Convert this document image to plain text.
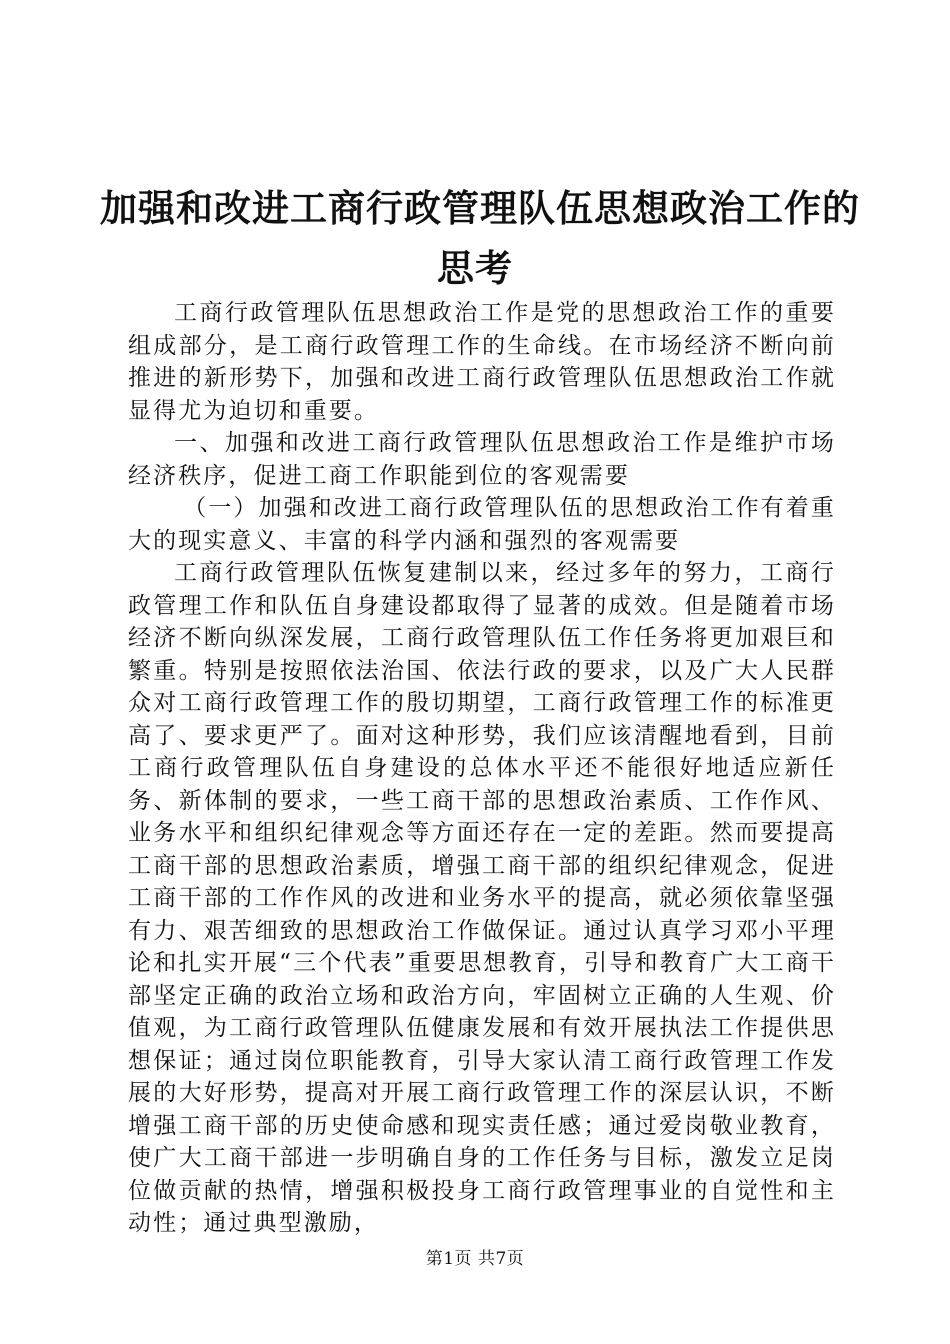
加强和改进工商行政管理队伍思想政治工作的
思考

工商行政管理队伍思想政治工作是党的思想政治工作的重要组成部分，是工商行政管理工作的生命线。在市场经济不断向前推进的新形势下，加强和改进工商行政管理队伍思想政治工作就显得尤为迫切和重要。

一、加强和改进工商行政管理队伍思想政治工作是维护市场经济秩序，促进工商工作职能到位的客观需要

（一）加强和改进工商行政管理队伍的思想政治工作有着重大的现实意义、丰富的科学内涵和强烈的客观需要

工商行政管理队伍恢复建制以来，经过多年的努力，工商行政管理工作和队伍自身建设都取得了显著的成效。但是随着市场经济不断向纵深发展，工商行政管理队伍工作任务将更加艰巨和繁重。特别是按照依法治国、依法行政的要求，以及广大人民群众对工商行政管理工作的殷切期望，工商行政管理工作的标准更高了、要求更严了。面对这种形势，我们应该清醒地看到，目前工商行政管理队伍自身建设的总体水平还不能很好地适应新任务、新体制的要求，一些工商干部的思想政治素质、工作作风、业务水平和组织纪律观念等方面还存在一定的差距。然而要提高工商干部的思想政治素质，增强工商干部的组织纪律观念，促进工商干部的工作作风的改进和业务水平的提高，就必须依靠坚强有力、艰苦细致的思想政治工作做保证。通过认真学习邓小平理论和扎实开展“三个代表”重要思想教育，引导和教育广大工商干部坚定正确的政治立场和政治方向，牢固树立正确的人生观、价值观，为工商行政管理队伍健康发展和有效开展执法工作提供思想保证；通过岗位职能教育，引导大家认清工商行政管理工作发展的大好形势，提高对开展工商行政管理工作的深层认识，不断增强工商干部的历史使命感和现实责任感；通过爱岗敬业教育，使广大工商干部进一步明确自身的工作任务与目标，激发立足岗位做贡献的热情，增强积极投身工商行政管理事业的自觉性和主动性；通过典型激励，

第1页 共7页
